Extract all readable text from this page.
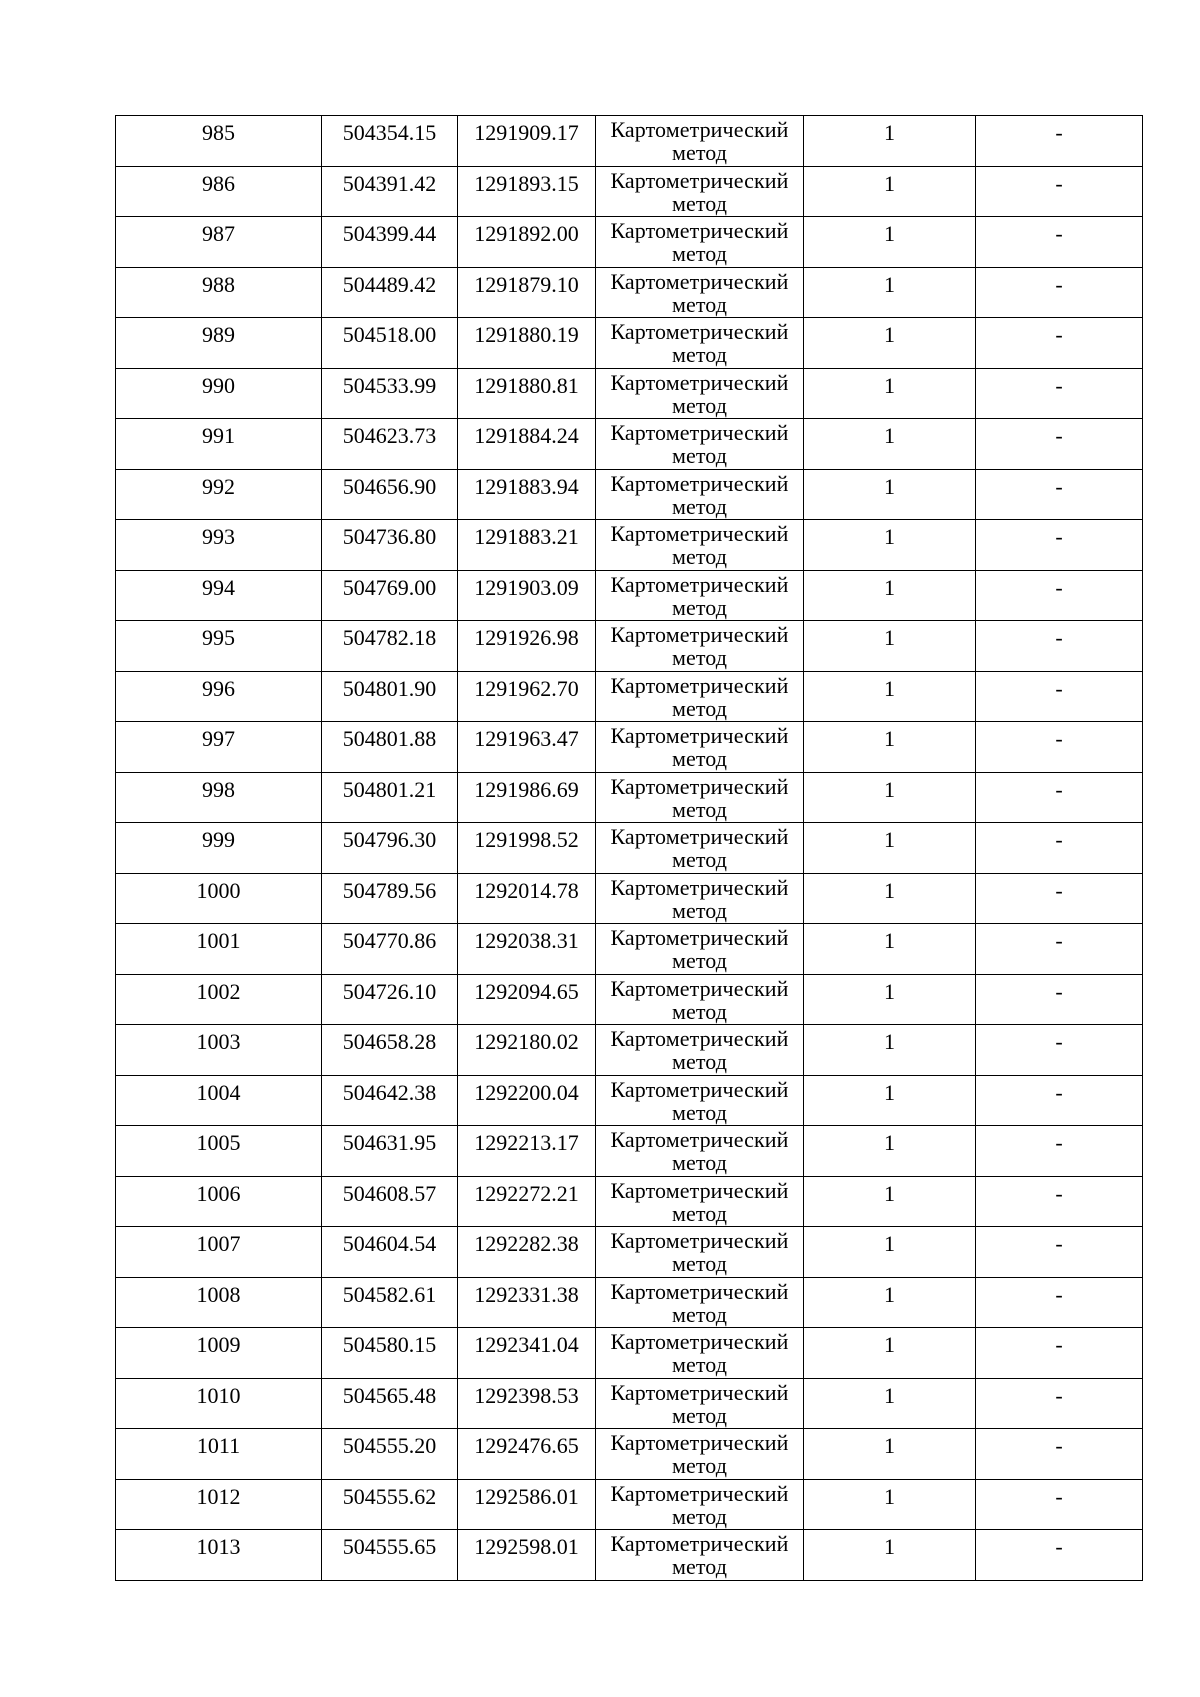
985	504354.15	1291909.17	Картометрический
метод	1	-

986	504391.42	1291893.15	Картометрический
метод	1	-

987	504399.44	1291892.00	Картометрический
метод	1	-

988	504489.42	1291879.10	Картометрический
метод	1	-

989	504518.00	1291880.19	Картометрический
метод	1	-

990	504533.99	1291880.81	Картометрический
метод	1	-

991	504623.73	1291884.24	Картометрический
метод	1	-

992	504656.90	1291883.94	Картометрический
метод	1	-

993	504736.80	1291883.21	Картометрический
метод	1	-

994	504769.00	1291903.09	Картометрический
метод	1	-

995	504782.18	1291926.98	Картометрический
метод	1	-

996	504801.90	1291962.70	Картометрический
метод	1	-

997	504801.88	1291963.47	Картометрический
метод	1	-

998	504801.21	1291986.69	Картометрический
метод	1	-

999	504796.30	1291998.52	Картометрический
метод	1	-

1000	504789.56	1292014.78	Картометрический
метод	1	-

1001	504770.86	1292038.31	Картометрический
метод	1	-

1002	504726.10	1292094.65	Картометрический
метод	1	-

1003	504658.28	1292180.02	Картометрический
метод	1	-

1004	504642.38	1292200.04	Картометрический
метод	1	-

1005	504631.95	1292213.17	Картометрический
метод	1	-

1006	504608.57	1292272.21	Картометрический
метод	1	-

1007	504604.54	1292282.38	Картометрический
метод	1	-

1008	504582.61	1292331.38	Картометрический
метод	1	-

1009	504580.15	1292341.04	Картометрический
метод	1	-

1010	504565.48	1292398.53	Картометрический
метод	1	-

1011	504555.20	1292476.65	Картометрический
метод	1	-

1012	504555.62	1292586.01	Картометрический
метод	1	-

1013	504555.65	1292598.01	Картометрический
метод	1	-
